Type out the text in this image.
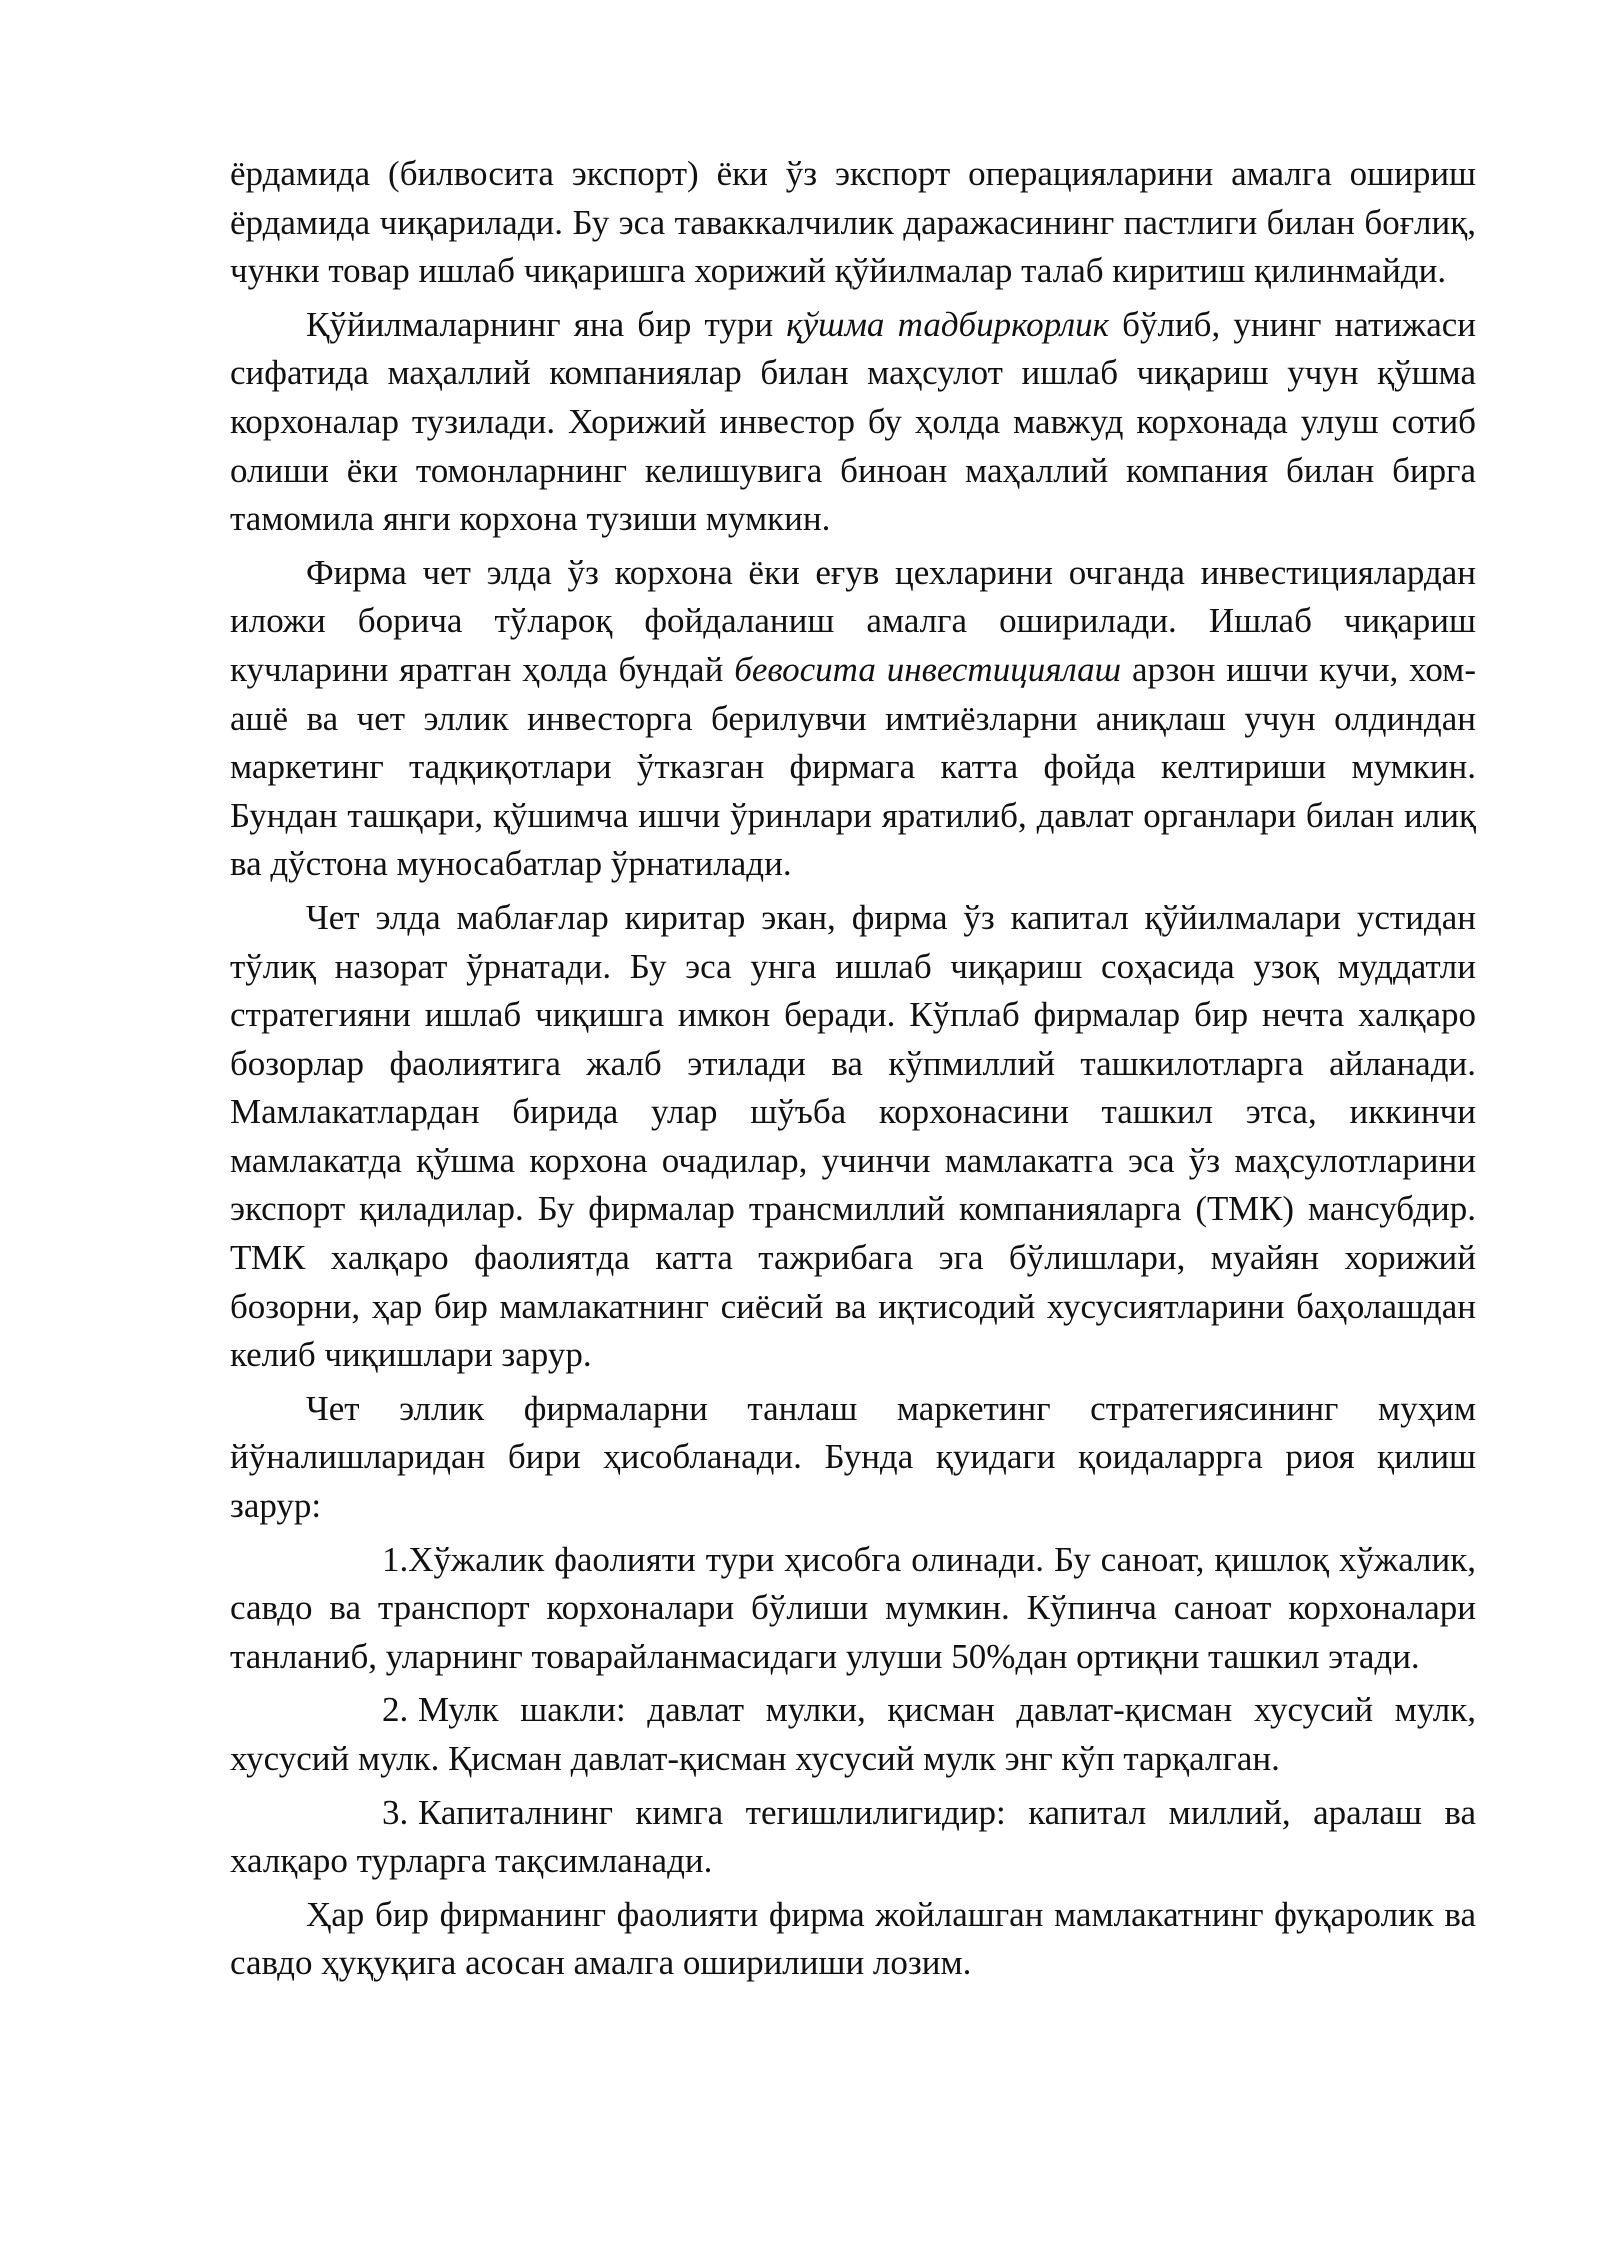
ёрдамида (билвосита экспорт) ёки ўз экспорт операцияларини амалга ошириш ёрдамида чиқарилади. Бу эса таваккалчилик даражасининг пастлиги билан боғлиқ, чунки товар ишлаб чиқаришга хорижий қўйилмалар талаб киритиш қилинмайди.

Қўйилмаларнинг яна бир тури қўшма тадбиркорлик бўлиб, унинг натижаси сифатида маҳаллий компаниялар билан маҳсулот ишлаб чиқариш учун қўшма корхоналар тузилади. Хорижий инвестор бу ҳолда мавжуд корхонада улуш сотиб олиши ёки томонларнинг келишувига биноан маҳаллий компания билан бирга тамомила янги корхона тузиши мумкин.

Фирма чет элда ўз корхона ёки еғув цехларини очганда инвестициялардан иложи борича тўлароқ фойдаланиш амалга оширилади. Ишлаб чиқариш кучларини яратган ҳолда бундай бевосита инвестициялаш арзон ишчи кучи, хом-ашё ва чет эллик инвесторга берилувчи имтиёзларни аниқлаш учун олдиндан маркетинг тадқиқотлари ўтказган фирмага катта фойда келтириши мумкин. Бундан ташқари, қўшимча ишчи ўринлари яратилиб, давлат органлари билан илиқ ва дўстона муносабатлар ўрнатилади.

Чет элда маблағлар киритар экан, фирма ўз капитал қўйилмалари устидан тўлиқ назорат ўрнатади. Бу эса унга ишлаб чиқариш соҳасида узоқ муддатли стратегияни ишлаб чиқишга имкон беради. Кўплаб фирмалар бир нечта халқаро бозорлар фаолиятига жалб этилади ва кўпмиллий ташкилотларга айланади. Мамлакатлардан бирида улар шўъба корхонасини ташкил этса, иккинчи мамлакатда қўшма корхона очадилар, учинчи мамлакатга эса ўз маҳсулотларини экспорт қиладилар. Бу фирмалар трансмиллий компанияларга (ТМК) мансубдир. ТМК халқаро фаолиятда катта тажрибага эга бўлишлари, муайян хорижий бозорни, ҳар бир мамлакатнинг сиёсий ва иқтисодий хусусиятларини баҳолашдан келиб чиқишлари зарур.

Чет эллик фирмаларни танлаш маркетинг стратегиясининг муҳим йўналишларидан бири ҳисобланади. Бунда қуидаги қоидаларрга риоя қилиш зарур:

1.Хўжалик фаолияти тури ҳисобга олинади. Бу саноат, қишлоқ хўжалик, савдо ва транспорт корхоналари бўлиши мумкин. Кўпинча саноат корхоналари танланиб, уларнинг товарайланмасидаги улуши 50%дан ортиқни ташкил этади.

2. Мулк шакли: давлат мулки, қисман давлат-қисман хусусий мулк, хусусий мулк. Қисман давлат-қисман хусусий мулк энг кўп тарқалган.

3. Капиталнинг кимга тегишлилигидир: капитал миллий, аралаш ва халқаро турларга тақсимланади.

Ҳар бир фирманинг фаолияти фирма жойлашган мамлакатнинг фуқаролик ва савдо ҳуқуқига асосан амалга оширилиши лозим.
